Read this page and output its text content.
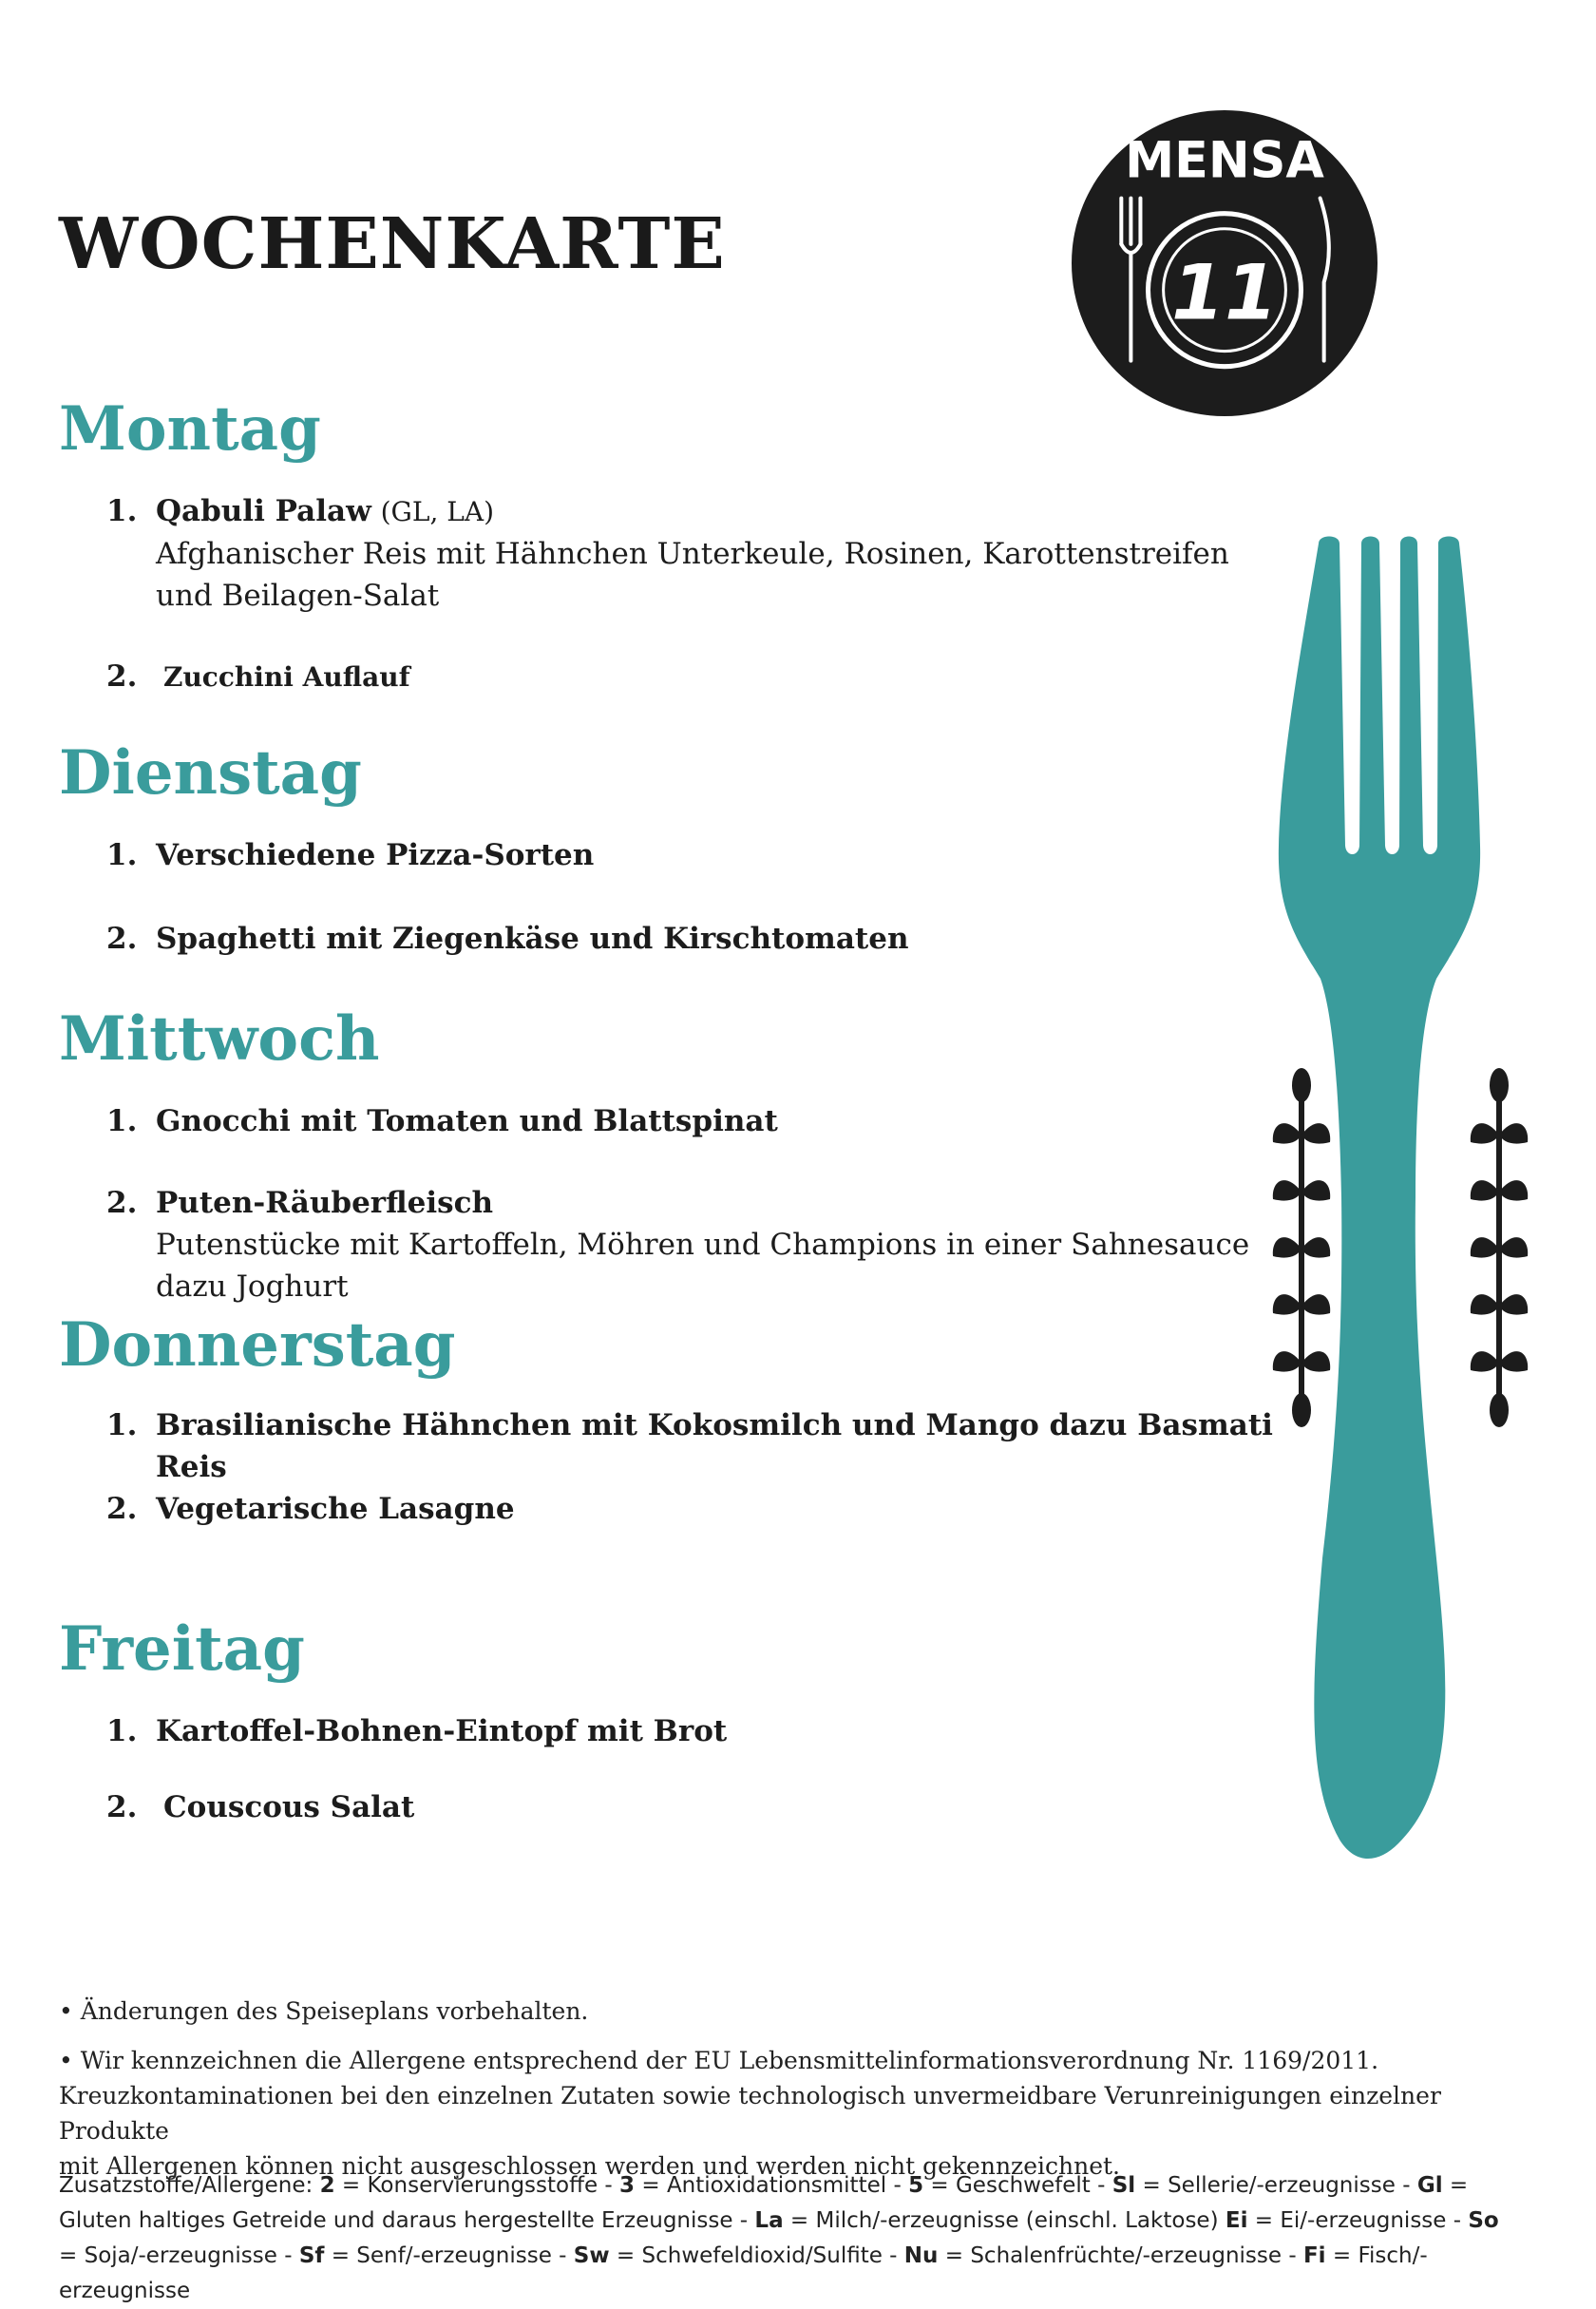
WOCHENKARTE
MENSA
11
Montag
1. Qabuli Palaw (GL, LA)
Afghanischer Reis mit Hähnchen Unterkeule, Rosinen, Karottenstreifen
und Beilagen-Salat
2. Zucchini Auflauf
Dienstag
1. Verschiedene Pizza-Sorten
2. Spaghetti mit Ziegenkäse und Kirschtomaten
Mittwoch
1. Gnocchi mit Tomaten und Blattspinat
2. Puten-Räuberfleisch
Putenstücke mit Kartoffeln, Möhren und Champions in einer Sahnesauce dazu Joghurt
Donnerstag
1. Brasilianische Hähnchen mit Kokosmilch und Mango dazu Basmati Reis
2. Vegetarische Lasagne
Freitag
1. Kartoffel-Bohnen-Eintopf mit Brot
2. Couscous Salat
• Änderungen des Speiseplans vorbehalten.
• Wir kennzeichnen die Allergene entsprechend der EU Lebensmittelinformationsverordnung Nr. 1169/2011.
Kreuzkontaminationen bei den einzelnen Zutaten sowie technologisch unvermeidbare Verunreinigungen einzelner Produkte
mit Allergenen können nicht ausgeschlossen werden und werden nicht gekennzeichnet.
Zusatzstoffe/Allergene: 2 = Konservierungsstoffe - 3 = Antioxidationsmittel - 5 = Geschwefelt - Sl = Sellerie/-erzeugnisse - Gl = Gluten haltiges Getreide und daraus hergestellte Erzeugnisse - La = Milch/-erzeugnisse (einschl. Laktose) Ei = Ei/-erzeugnisse - So = Soja/-erzeugnisse - Sf = Senf/-erzeugnisse - Sw = Schwefeldioxid/Sulfite - Nu = Schalenfrüchte/-erzeugnisse - Fi = Fisch/-erzeugnisse
